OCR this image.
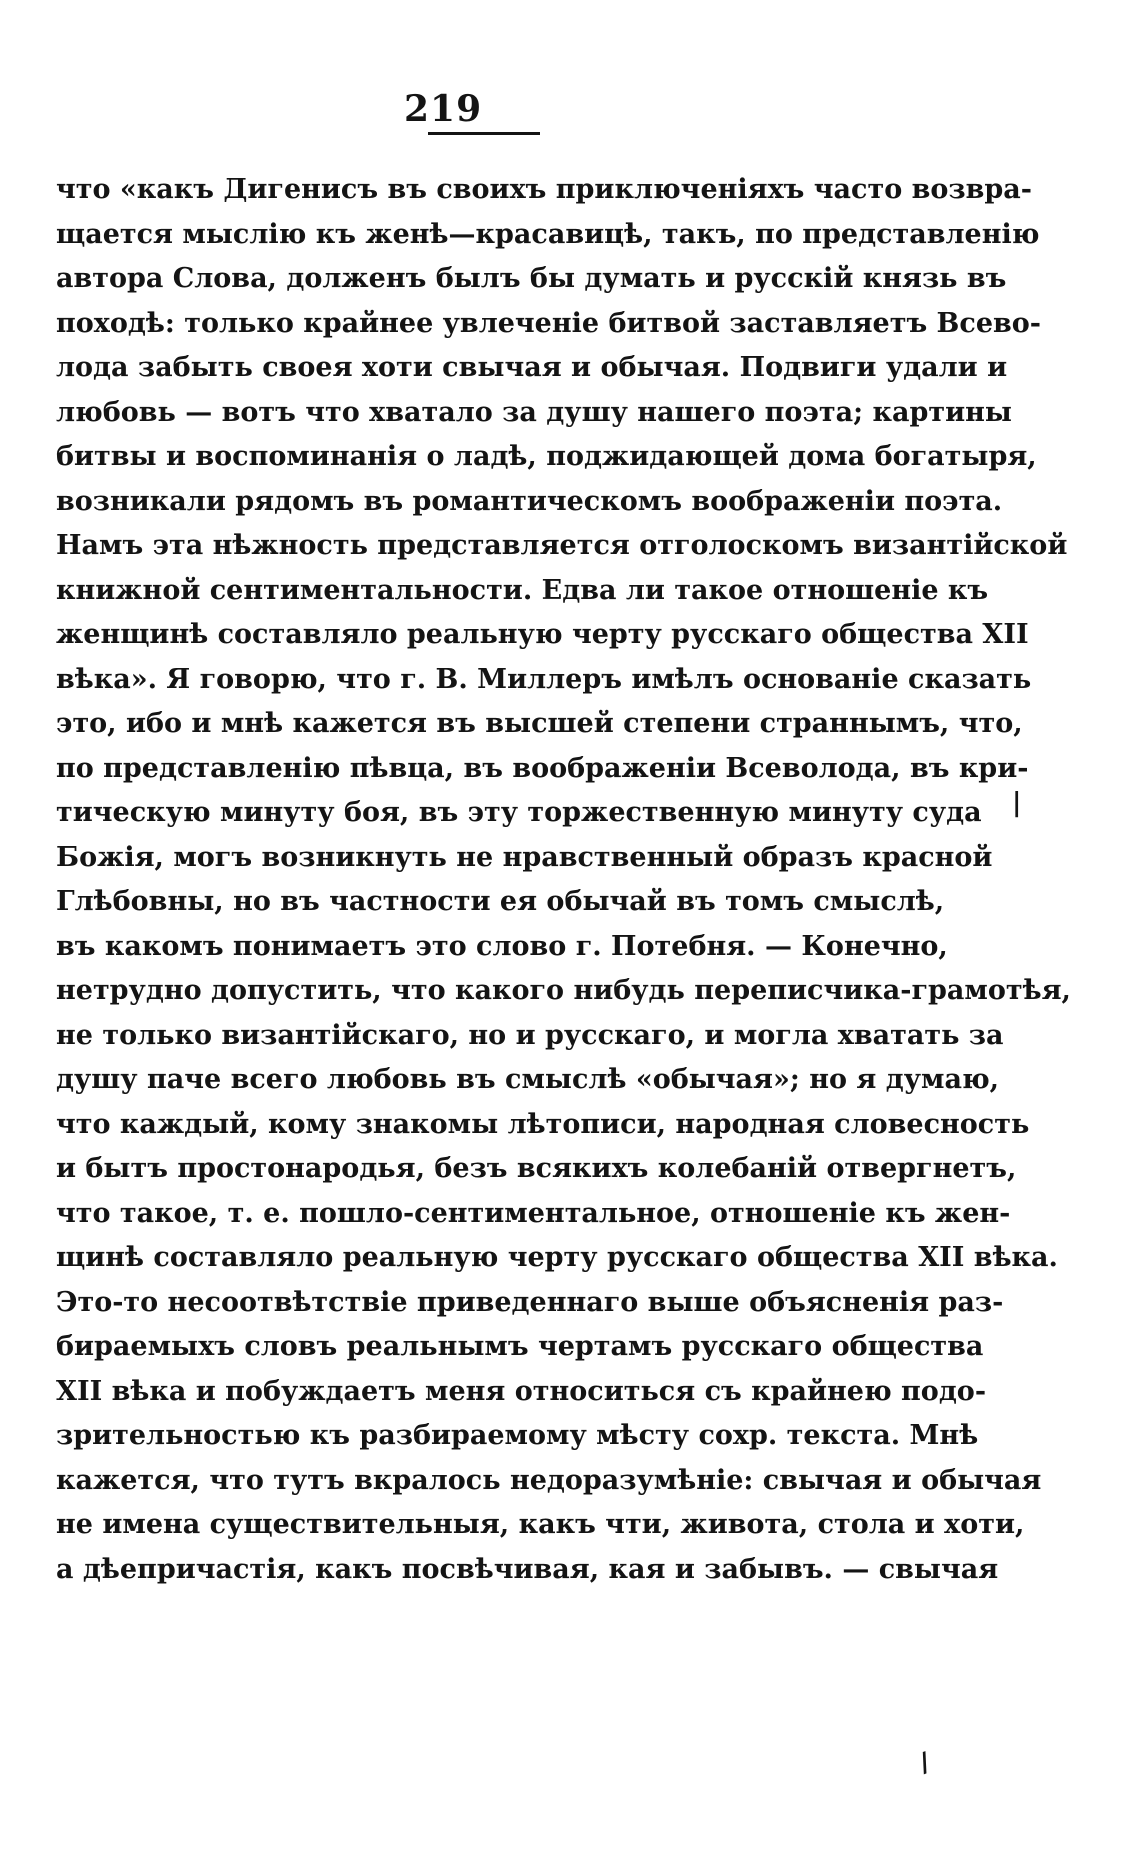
219
что «какъ Дигенисъ въ своихъ приключеніяхъ часто возвра-
щается мыслію къ женѣ—красавицѣ, такъ, по представленію
автора Слова, долженъ былъ бы думать и русскій князь въ
походѣ: только крайнее увлеченіе битвой заставляетъ Всево-
лода забыть своея хоти свычая и обычая. Подвиги удали и
любовь — вотъ что хватало за душу нашего поэта; картины
битвы и воспоминанія о ладѣ, поджидающей дома богатыря,
возникали рядомъ въ романтическомъ воображеніи поэта.
Намъ эта нѣжность представляется отголоскомъ византійской
книжной сентиментальности. Едва ли такое отношеніе къ
женщинѣ составляло реальную черту русскаго общества XII
вѣка». Я говорю, что г. В. Миллеръ имѣлъ основаніе сказать
это, ибо и мнѣ кажется въ высшей степени страннымъ, что,
по представленію пѣвца, въ воображеніи Всеволода, въ кри-
тическую минуту боя, въ эту торжественную минуту суда
Божія, могъ возникнуть не нравственный образъ красной
Глѣбовны, но въ частности ея обычай въ томъ смыслѣ,
въ какомъ понимаетъ это слово г. Потебня. — Конечно,
нетрудно допустить, что какого нибудь переписчика-грамотѣя,
не только византійскаго, но и русскаго, и могла хватать за
душу паче всего любовь въ смыслѣ «обычая»; но я думаю,
что каждый, кому знакомы лѣтописи, народная словесность
и бытъ простонародья, безъ всякихъ колебаній отвергнетъ,
что такое, т. е. пошло-сентиментальное, отношеніе къ жен-
щинѣ составляло реальную черту русскаго общества XII вѣка.
Это-то несоотвѣтствіе приведеннаго выше объясненія раз-
бираемыхъ словъ реальнымъ чертамъ русскаго общества
XII вѣка и побуждаетъ меня относиться съ крайнею подо-
зрительностью къ разбираемому мѣсту сохр. текста. Мнѣ
кажется, что тутъ вкралось недоразумѣніе: свычая и обычая
не имена существительныя, какъ чти, живота, стола и хоти,
а дѣепричастія, какъ посвѣчивая, кая и забывъ. — свычая
|
/
